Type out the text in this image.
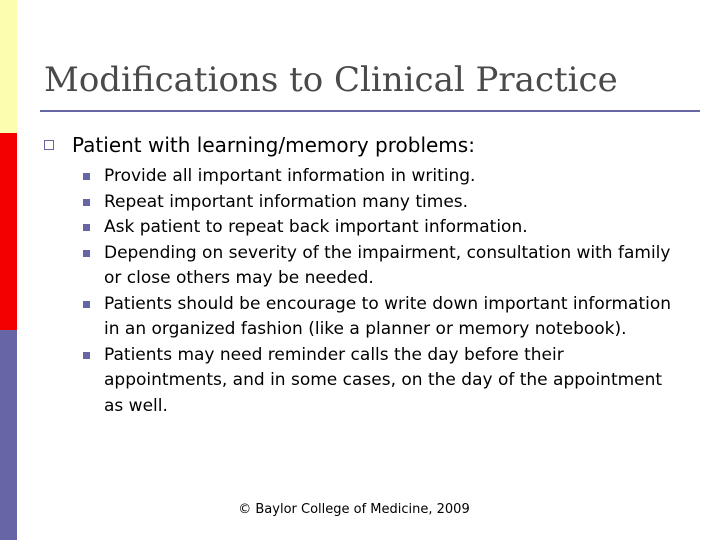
Modifications to Clinical Practice
Patient with learning/memory problems:
Provide all important information in writing.
Repeat important information many times.
Ask patient to repeat back important information.
Depending on severity of the impairment, consultation with family or close others may be needed.
Patients should be encourage to write down important information in an organized fashion (like a planner or memory notebook).
Patients may need reminder calls the day before their appointments, and in some cases, on the day of the appointment as well.
© Baylor College of Medicine, 2009
